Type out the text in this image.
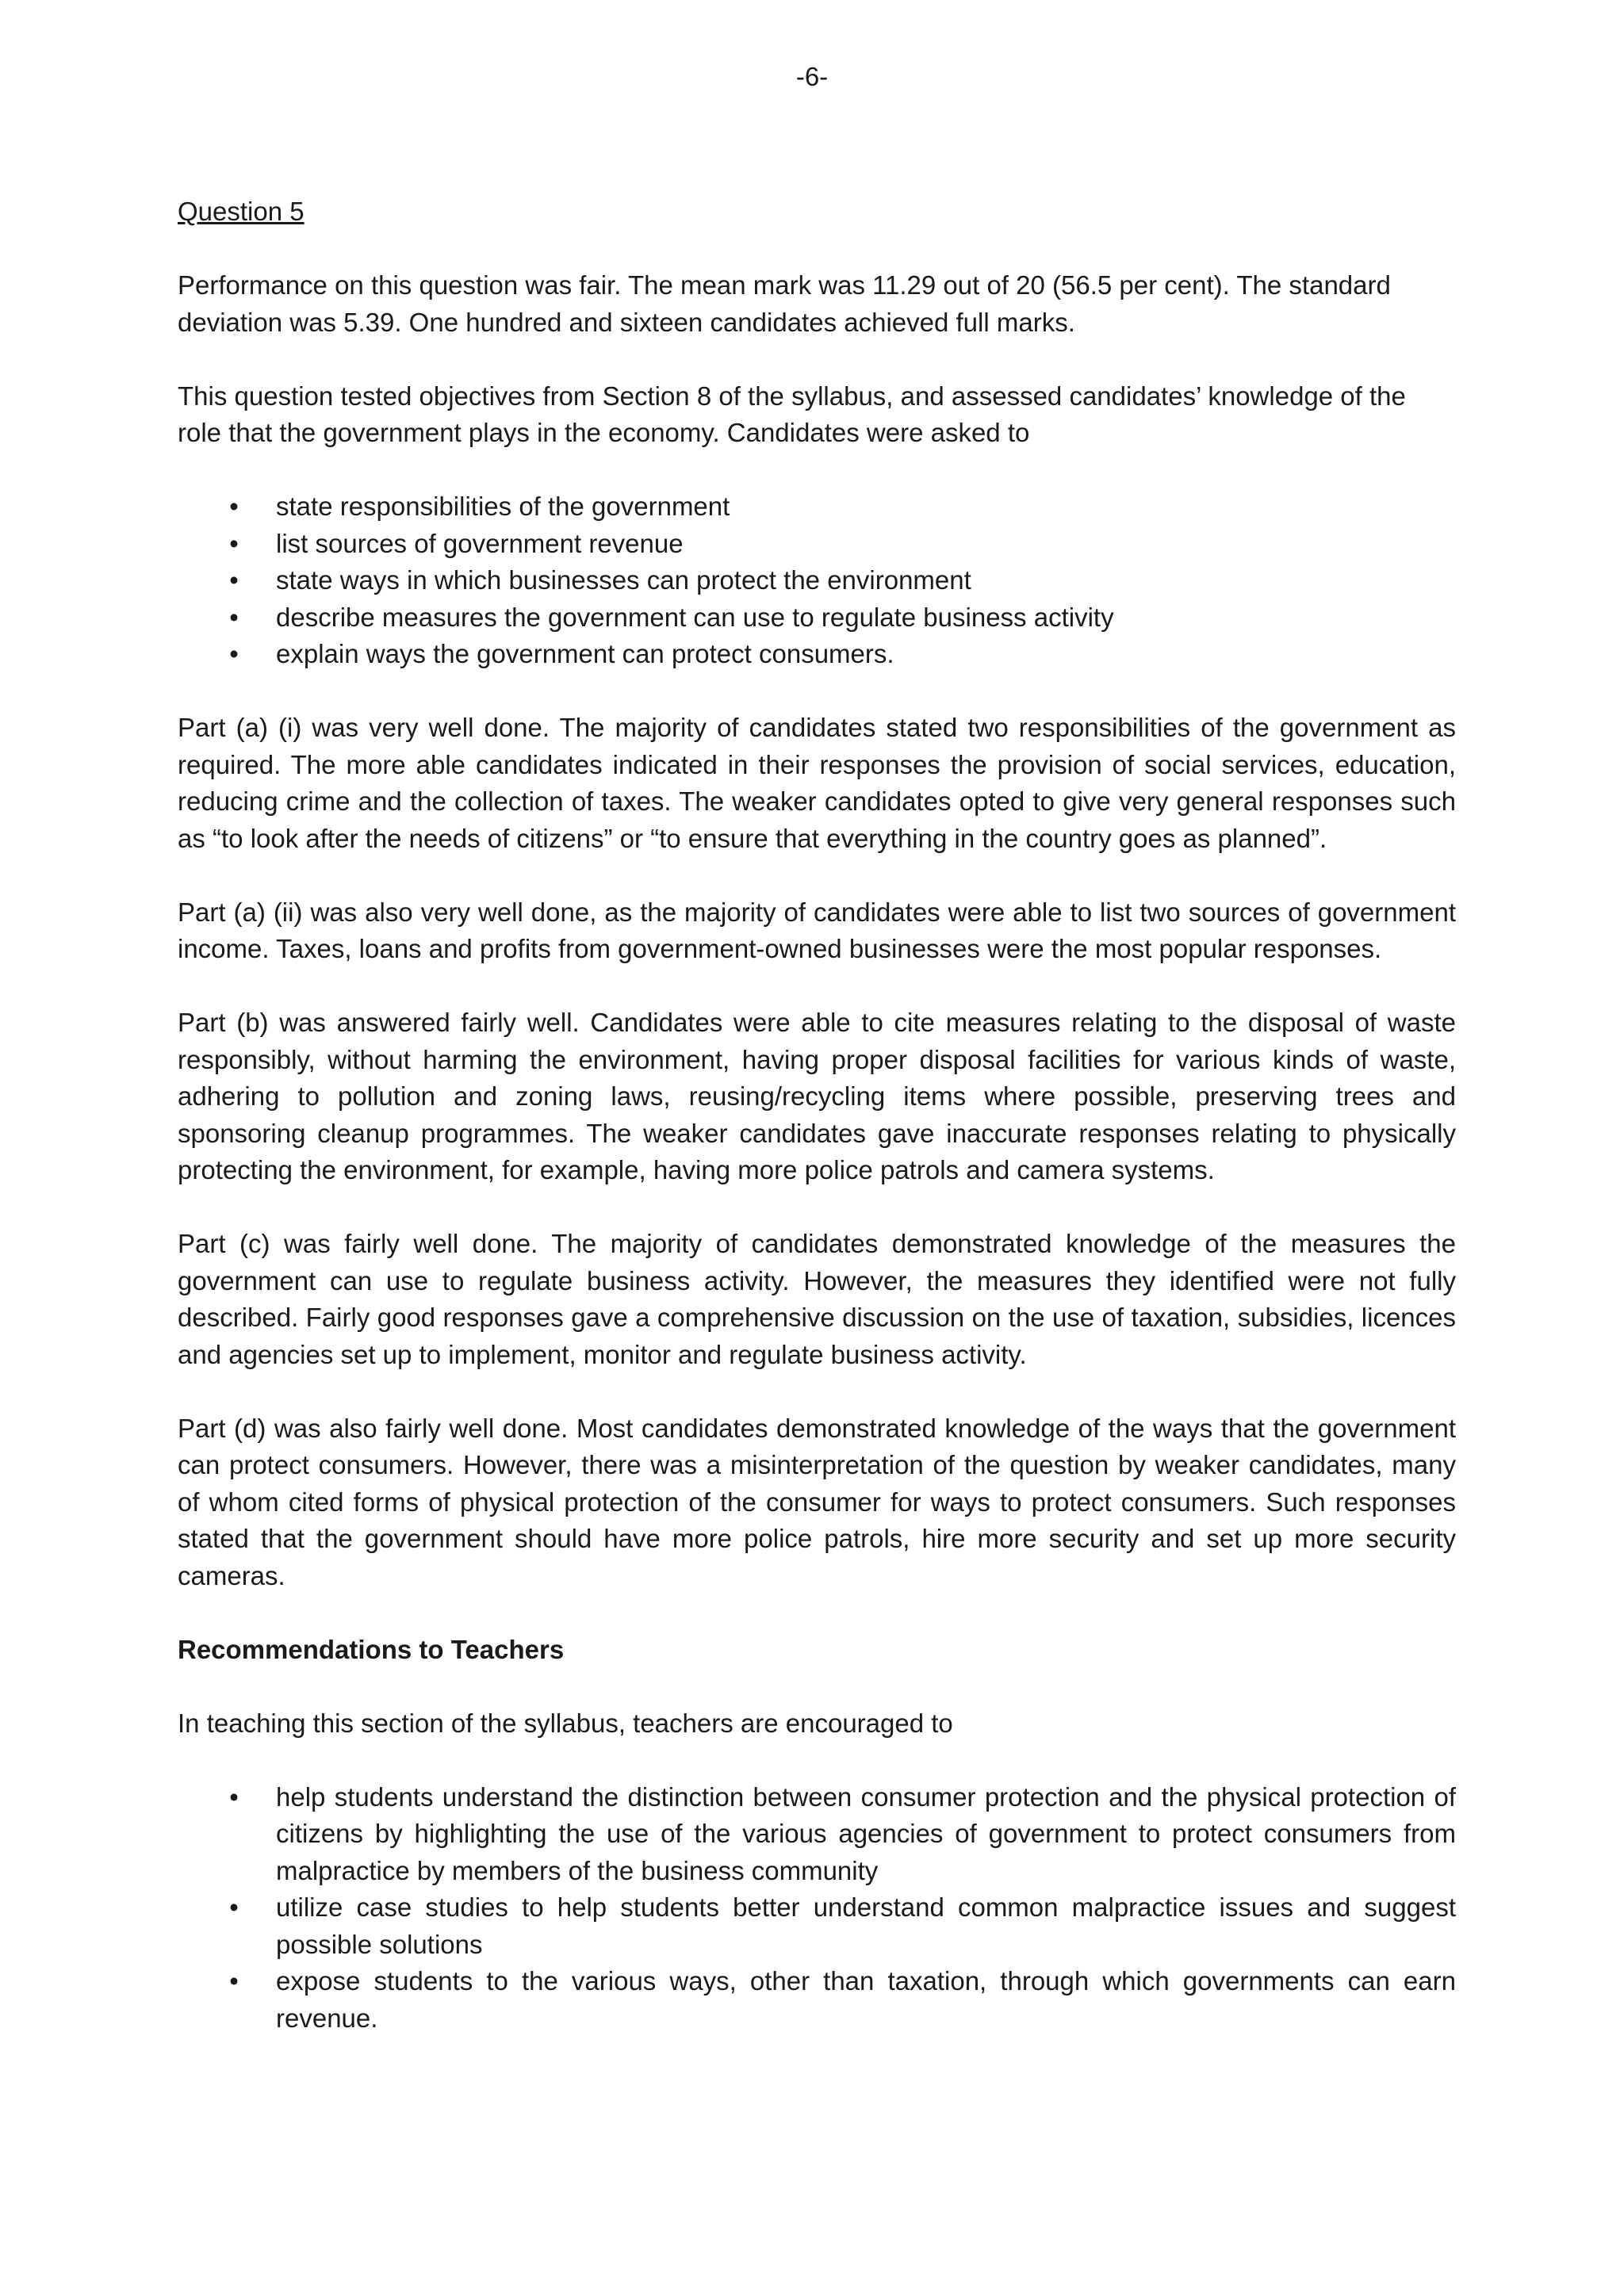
-6-

Question 5

Performance on this question was fair. The mean mark was 11.29 out of 20 (56.5 per cent). The standard deviation was 5.39. One hundred and sixteen candidates achieved full marks.

This question tested objectives from Section 8 of the syllabus, and assessed candidates’ knowledge of the role that the government plays in the economy. Candidates were asked to

• state responsibilities of the government
• list sources of government revenue
• state ways in which businesses can protect the environment
• describe measures the government can use to regulate business activity
• explain ways the government can protect consumers.

Part (a) (i) was very well done. The majority of candidates stated two responsibilities of the government as required. The more able candidates indicated in their responses the provision of social services, education, reducing crime and the collection of taxes. The weaker candidates opted to give very general responses such as “to look after the needs of citizens” or “to ensure that everything in the country goes as planned”.

Part (a) (ii) was also very well done, as the majority of candidates were able to list two sources of government income. Taxes, loans and profits from government-owned businesses were the most popular responses.

Part (b) was answered fairly well. Candidates were able to cite measures relating to the disposal of waste responsibly, without harming the environment, having proper disposal facilities for various kinds of waste, adhering to pollution and zoning laws, reusing/recycling items where possible, preserving trees and sponsoring cleanup programmes. The weaker candidates gave inaccurate responses relating to physically protecting the environment, for example, having more police patrols and camera systems.

Part (c) was fairly well done. The majority of candidates demonstrated knowledge of the measures the government can use to regulate business activity. However, the measures they identified were not fully described. Fairly good responses gave a comprehensive discussion on the use of taxation, subsidies, licences and agencies set up to implement, monitor and regulate business activity.

Part (d) was also fairly well done. Most candidates demonstrated knowledge of the ways that the government can protect consumers. However, there was a misinterpretation of the question by weaker candidates, many of whom cited forms of physical protection of the consumer for ways to protect consumers. Such responses stated that the government should have more police patrols, hire more security and set up more security cameras.

Recommendations to Teachers

In teaching this section of the syllabus, teachers are encouraged to

• help students understand the distinction between consumer protection and the physical protection of citizens by highlighting the use of the various agencies of government to protect consumers from malpractice by members of the business community
• utilize case studies to help students better understand common malpractice issues and suggest possible solutions
• expose students to the various ways, other than taxation, through which governments can earn revenue.
